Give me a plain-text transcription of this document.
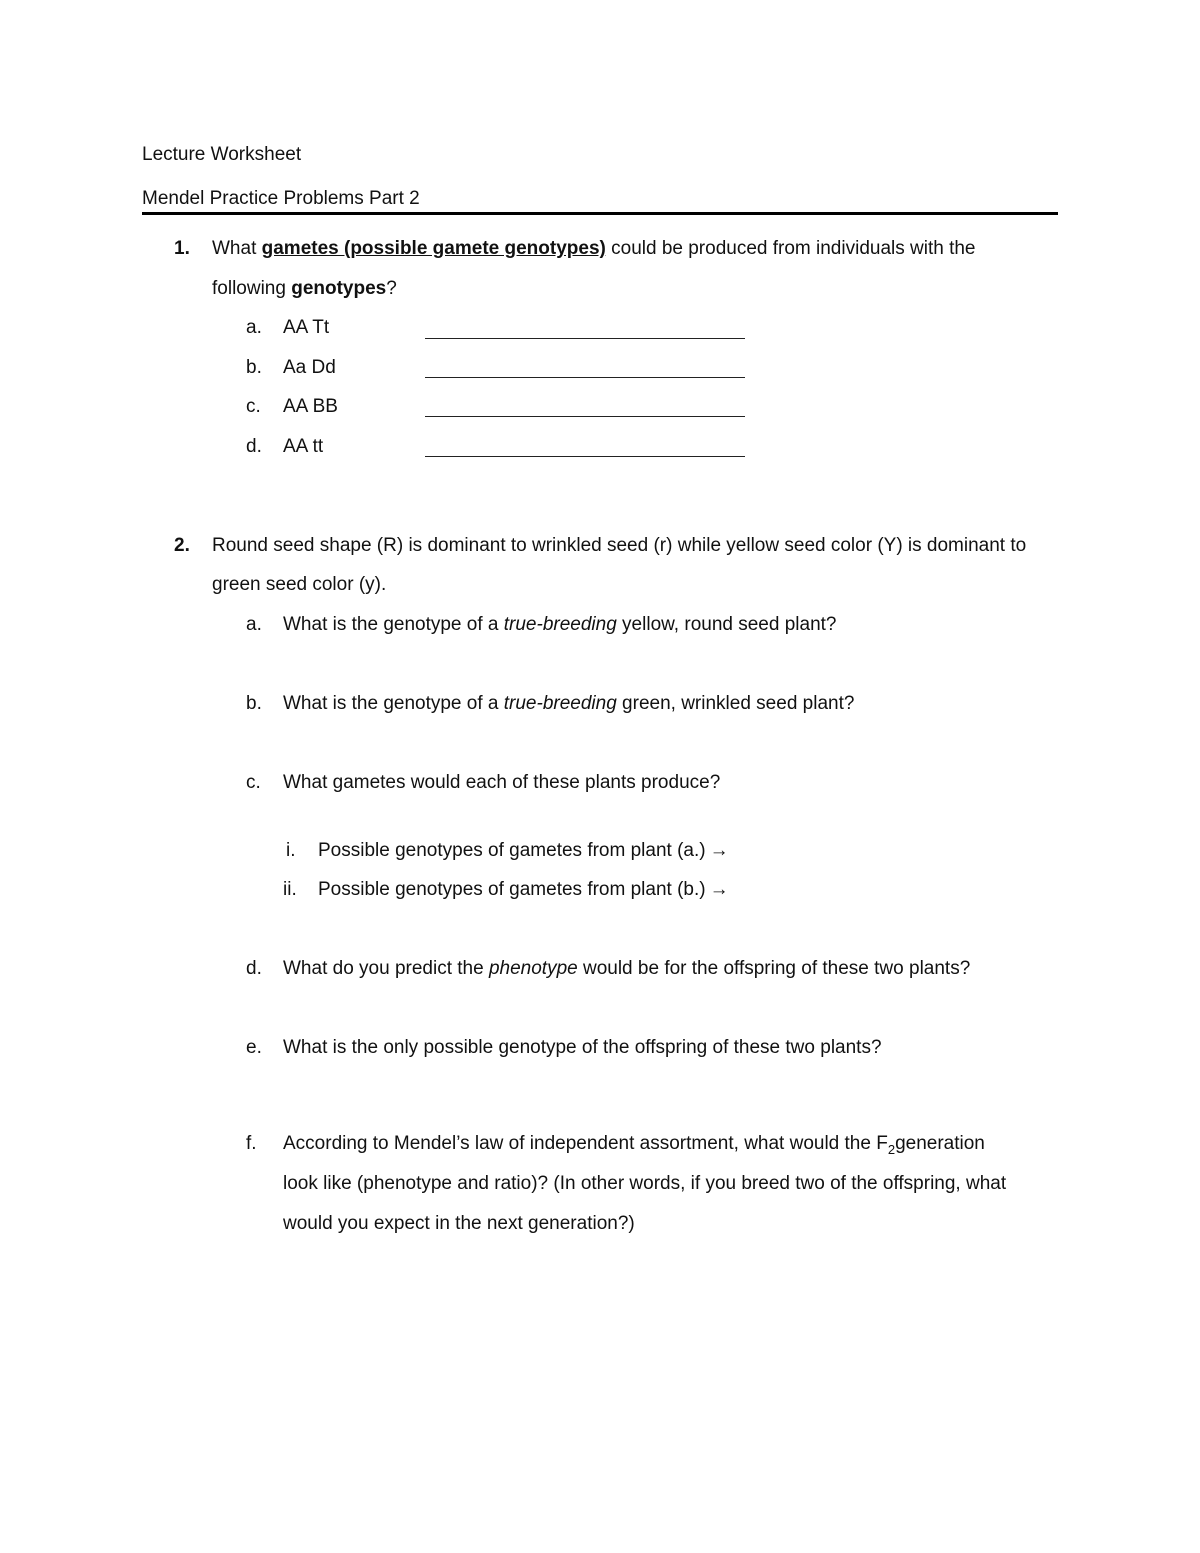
Lecture Worksheet
Mendel Practice Problems Part 2
1. What gametes (possible gamete genotypes) could be produced from individuals with the
following genotypes?
a. AA Tt
b. Aa Dd
c. AA BB
d. AA tt
2. Round seed shape (R) is dominant to wrinkled seed (r) while yellow seed color (Y) is dominant to
green seed color (y).
a. What is the genotype of a true-breeding yellow, round seed plant?
b. What is the genotype of a true-breeding green, wrinkled seed plant?
c. What gametes would each of these plants produce?
i. Possible genotypes of gametes from plant (a.) →
ii. Possible genotypes of gametes from plant (b.) →
d. What do you predict the phenotype would be for the offspring of these two plants?
e. What is the only possible genotype of the offspring of these two plants?
f. According to Mendel’s law of independent assortment, what would the $F_2generation$
look like (phenotype and ratio)? (In other words, if you breed two of the offspring, what
would you expect in the next generation?)
